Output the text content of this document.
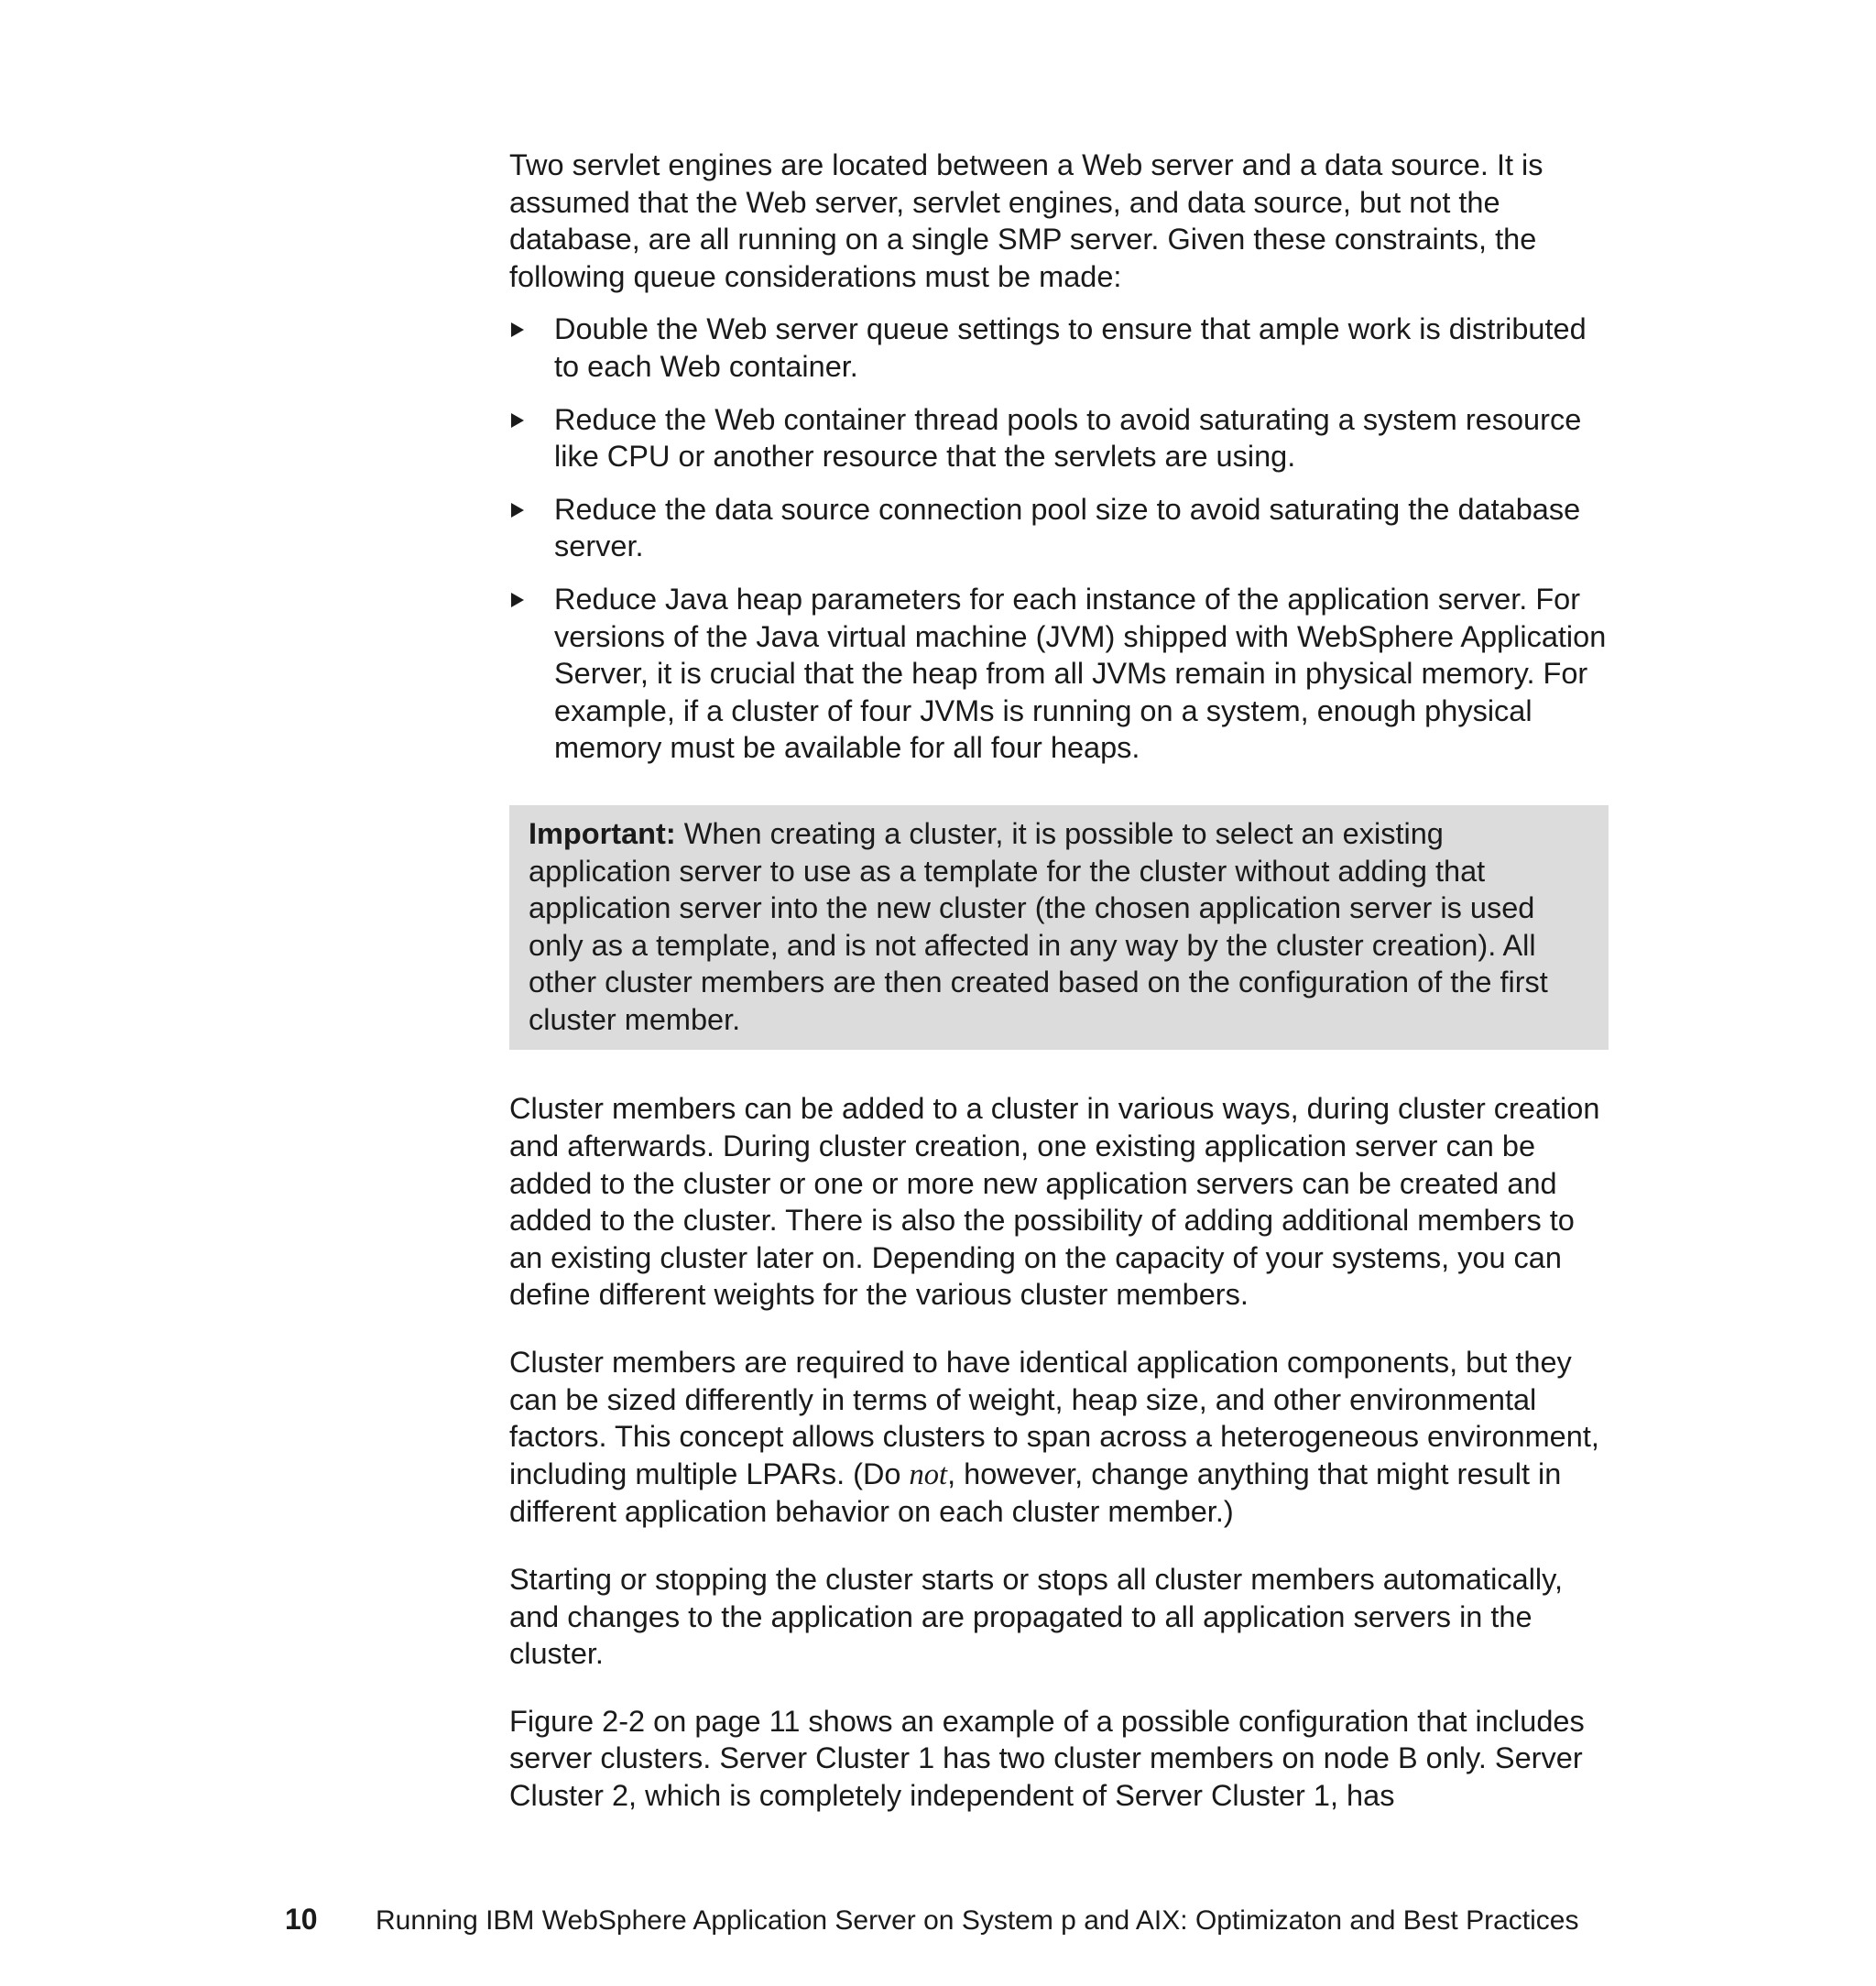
Two servlet engines are located between a Web server and a data source. It is assumed that the Web server, servlet engines, and data source, but not the database, are all running on a single SMP server. Given these constraints, the following queue considerations must be made:

Double the Web server queue settings to ensure that ample work is distributed to each Web container.
Reduce the Web container thread pools to avoid saturating a system resource like CPU or another resource that the servlets are using.
Reduce the data source connection pool size to avoid saturating the database server.
Reduce Java heap parameters for each instance of the application server. For versions of the Java virtual machine (JVM) shipped with WebSphere Application Server, it is crucial that the heap from all JVMs remain in physical memory. For example, if a cluster of four JVMs is running on a system, enough physical memory must be available for all four heaps.
Important: When creating a cluster, it is possible to select an existing application server to use as a template for the cluster without adding that application server into the new cluster (the chosen application server is used only as a template, and is not affected in any way by the cluster creation). All other cluster members are then created based on the configuration of the first cluster member.

Cluster members can be added to a cluster in various ways, during cluster creation and afterwards. During cluster creation, one existing application server can be added to the cluster or one or more new application servers can be created and added to the cluster. There is also the possibility of adding additional members to an existing cluster later on. Depending on the capacity of your systems, you can define different weights for the various cluster members.

Cluster members are required to have identical application components, but they can be sized differently in terms of weight, heap size, and other environmental factors. This concept allows clusters to span across a heterogeneous environment, including multiple LPARs. (Do not, however, change anything that might result in different application behavior on each cluster member.)

Starting or stopping the cluster starts or stops all cluster members automatically, and changes to the application are propagated to all application servers in the cluster.

Figure 2-2 on page 11 shows an example of a possible configuration that includes server clusters. Server Cluster 1 has two cluster members on node B only. Server Cluster 2, which is completely independent of Server Cluster 1, has

10 Running IBM WebSphere Application Server on System p and AIX: Optimizaton and Best Practices
